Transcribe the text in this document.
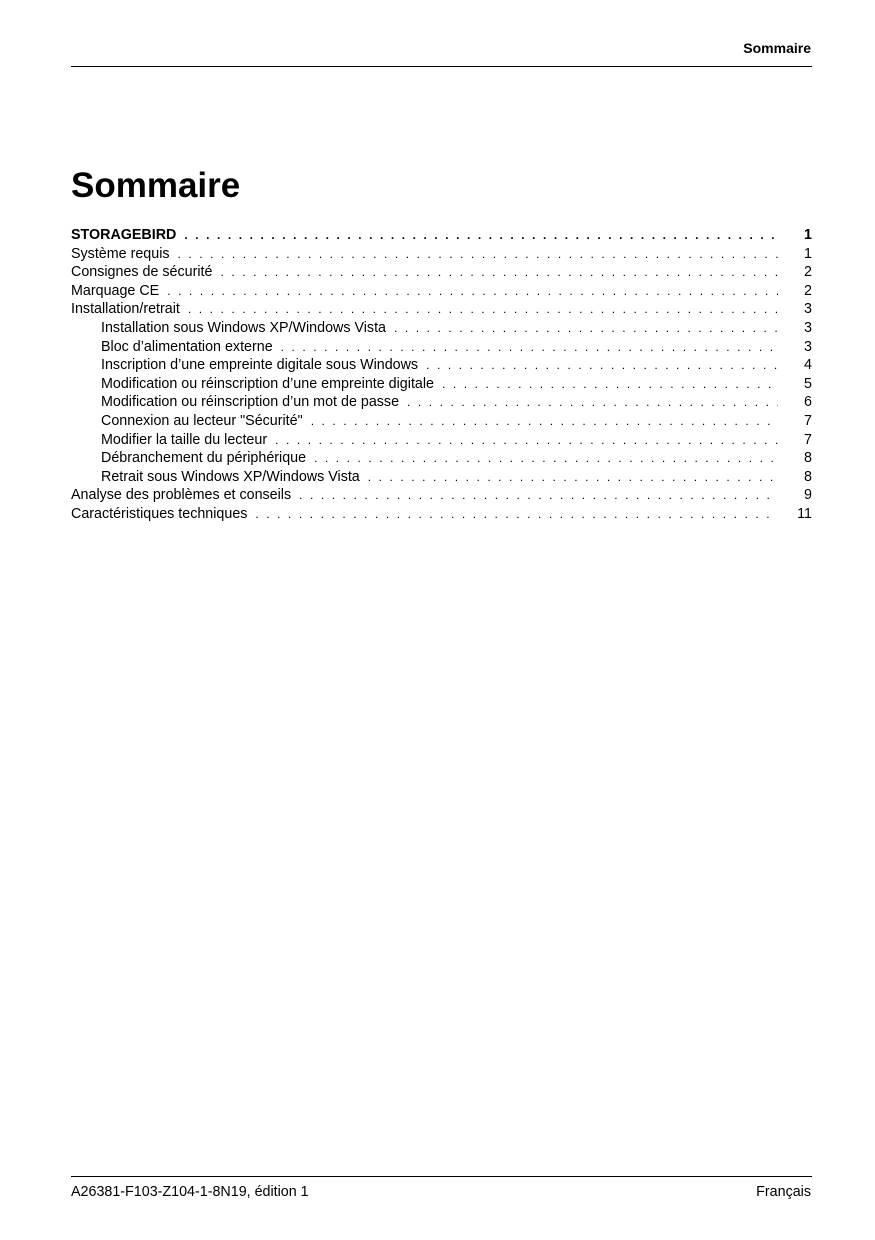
Sommaire
Sommaire
STORAGEBIRD . . .	1
Système requis . . .	1
Consignes de sécurité . . .	2
Marquage CE . . .	2
Installation/retrait . . .	3
Installation sous Windows XP/Windows Vista . . .	3
Bloc d’alimentation externe . . .	3
Inscription d’une empreinte digitale sous Windows . . .	4
Modification ou réinscription d’une empreinte digitale . . .	5
Modification ou réinscription d’un mot de passe . . .	6
Connexion au lecteur "Sécurité" . . .	7
Modifier la taille du lecteur . . .	7
Débranchement du périphérique . . .	8
Retrait sous Windows XP/Windows Vista . . .	8
Analyse des problèmes et conseils . . .	9
Caractéristiques techniques . . .	11
A26381-F103-Z104-1-8N19, édition 1	Français
